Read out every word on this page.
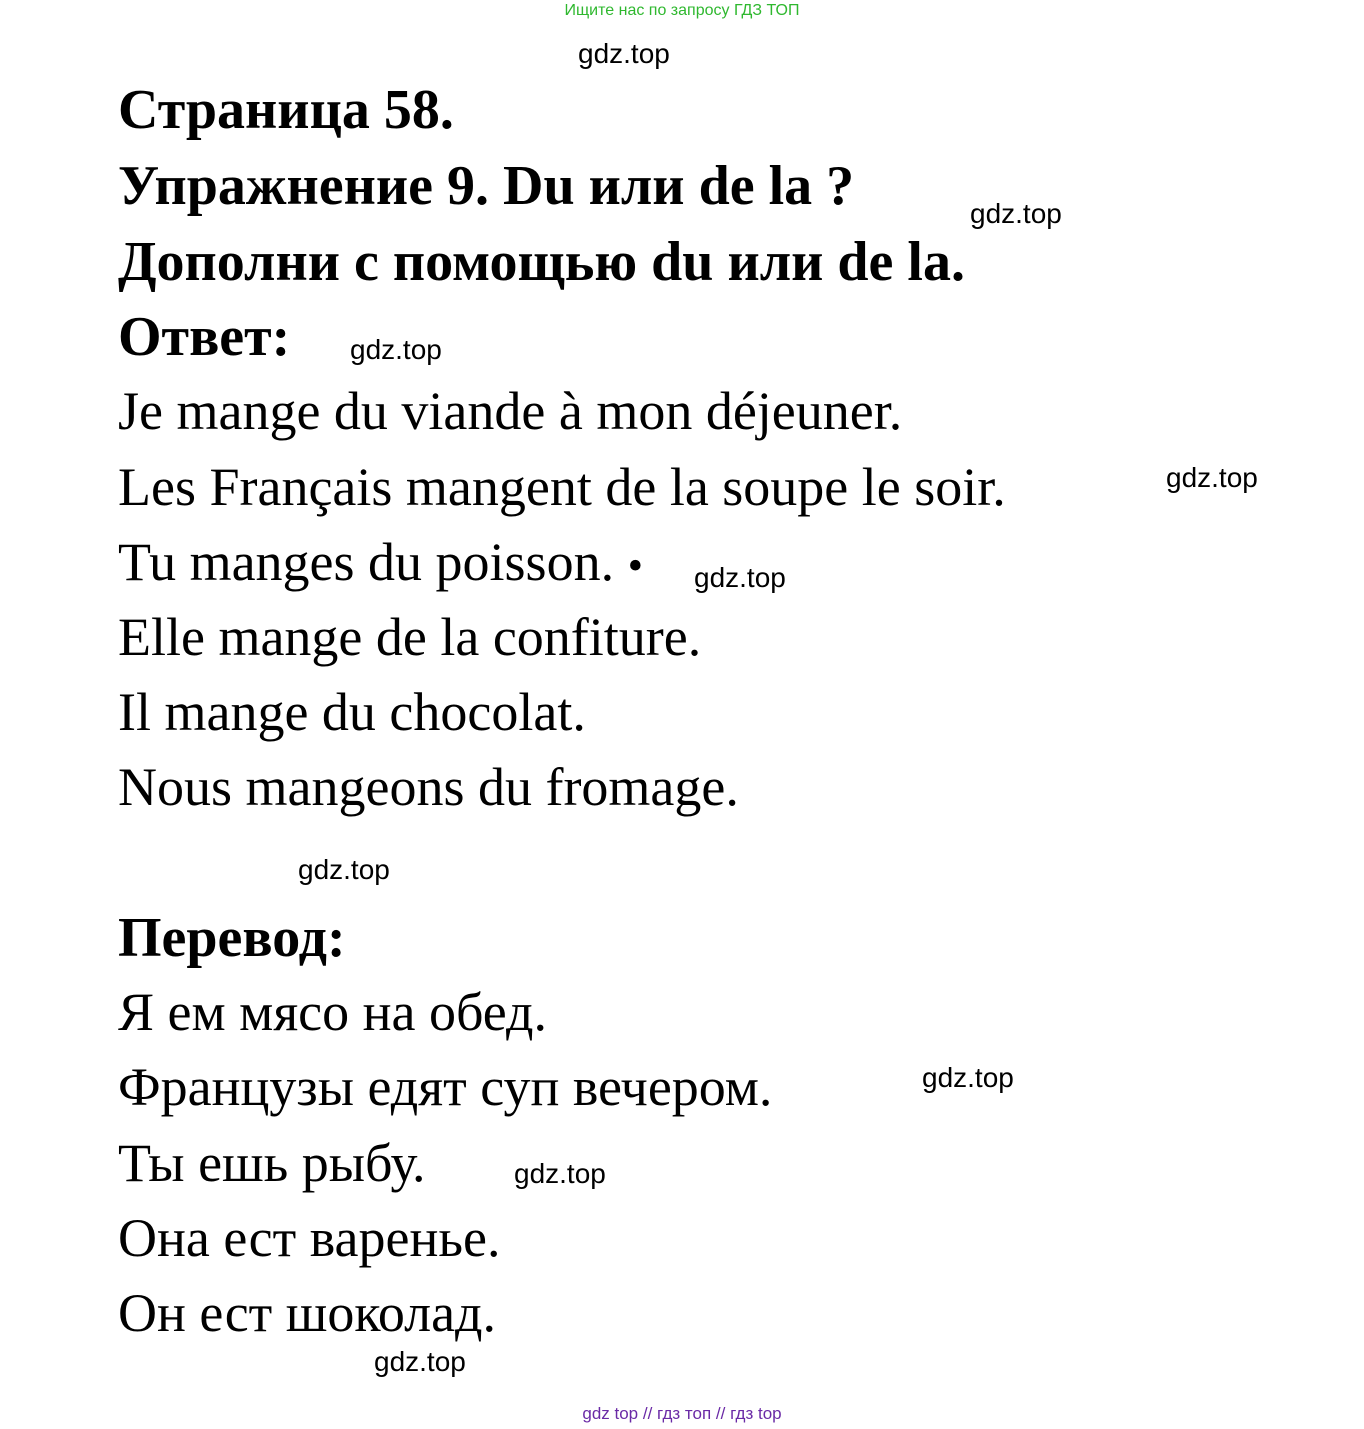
Ищите нас по запросу ГДЗ ТОП
gdz.top
Страница 58.
Упражнение 9. Du или de la ?	gdz.top
Дополни с помощью du или de la.
Ответ: gdz.top
Je mange du viande à mon déjeuner.
Les Français mangent de la soupe le soir.	gdz.top
Tu manges du poisson. • gdz.top
Elle mange de la confiture.
Il mange du chocolat.
Nous mangeons du fromage.
gdz.top
Перевод:
Я ем мясо на обед.
Французы едят суп вечером.	gdz.top
Ты ешь рыбу.	gdz.top
Она ест варенье.
Он ест шоколад.
gdz.top
gdz top // гдз топ // гдз top
